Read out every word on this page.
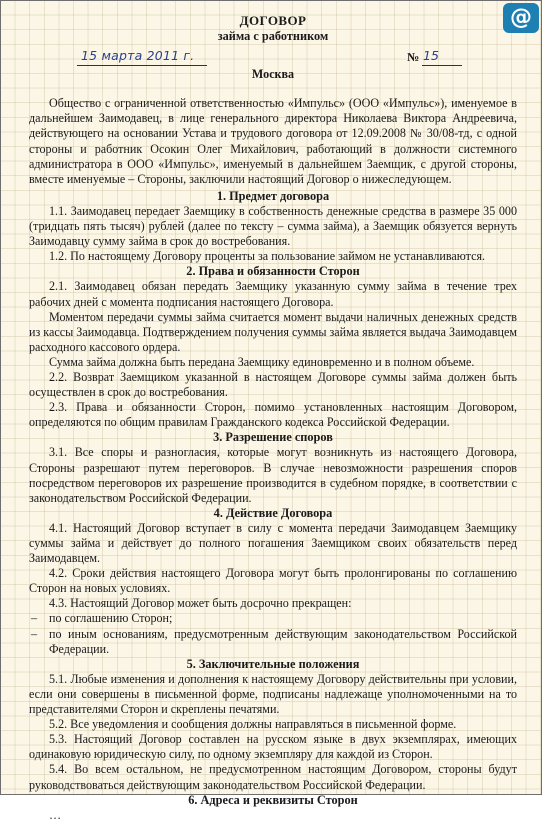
@
ДОГОВОР
займа с работником
15 марта 2011 г.	№ 15
Москва

Общество с ограниченной ответственностью «Импульс» (ООО «Импульс»), именуемое в дальнейшем Заимодавец, в лице генерального директора Николаева Виктора Андреевича, действующего на основании Устава и трудового договора от 12.09.2008 № 30/08-тд, с одной стороны и работник Осокин Олег Михайлович, работающий в должности системного администратора в ООО «Импульс», именуемый в дальнейшем Заемщик, с другой стороны, вместе именуемые – Стороны, заключили настоящий Договор о нижеследующем.

1. Предмет договора

1.1. Заимодавец передает Заемщику в собственность денежные средства в размере 35 000 (тридцать пять тысяч) рублей (далее по тексту – сумма займа), а Заемщик обязуется вернуть Заимодавцу сумму займа в срок до востребования.

1.2. По настоящему Договору проценты за пользование займом не устанавливаются.

2. Права и обязанности Сторон

2.1. Заимодавец обязан передать Заемщику указанную сумму займа в течение трех рабочих дней с момента подписания настоящего Договора.

Моментом передачи суммы займа считается момент выдачи наличных денежных средств из кассы Заимодавца. Подтверждением получения суммы займа является выдача Заимодавцем расходного кассового ордера.

Сумма займа должна быть передана Заемщику единовременно и в полном объеме.

2.2. Возврат Заемщиком указанной в настоящем Договоре суммы займа должен быть осуществлен в срок до востребования.

2.3. Права и обязанности Сторон, помимо установленных настоящим Договором, определяются по общим правилам Гражданского кодекса Российской Федерации.

3. Разрешение споров

3.1. Все споры и разногласия, которые могут возникнуть из настоящего Договора, Стороны разрешают путем переговоров. В случае невозможности разрешения споров посредством переговоров их разрешение производится в судебном порядке, в соответствии с законодательством Российской Федерации.

4. Действие Договора

4.1. Настоящий Договор вступает в силу с момента передачи Заимодавцем Заемщику суммы займа и действует до полного погашения Заемщиком своих обязательств перед Заимодавцем.

4.2. Сроки действия настоящего Договора могут быть пролонгированы по соглашению Сторон на новых условиях.

4.3. Настоящий Договор может быть досрочно прекращен:

– по соглашению Сторон;

– по иным основаниям, предусмотренным действующим законодательством Российской Федерации.

5. Заключительные положения

5.1. Любые изменения и дополнения к настоящему Договору действительны при условии, если они совершены в письменной форме, подписаны надлежаще уполномоченными на то представителями Сторон и скреплены печатями.

5.2. Все уведомления и сообщения должны направляться в письменной форме.

5.3. Настоящий Договор составлен на русском языке в двух экземплярах, имеющих одинаковую юридическую силу, по одному экземпляру для каждой из Сторон.

5.4. Во всем остальном, не предусмотренном настоящим Договором, стороны будут руководствоваться действующим законодательством Российской Федерации.

6. Адреса и реквизиты Сторон

…
